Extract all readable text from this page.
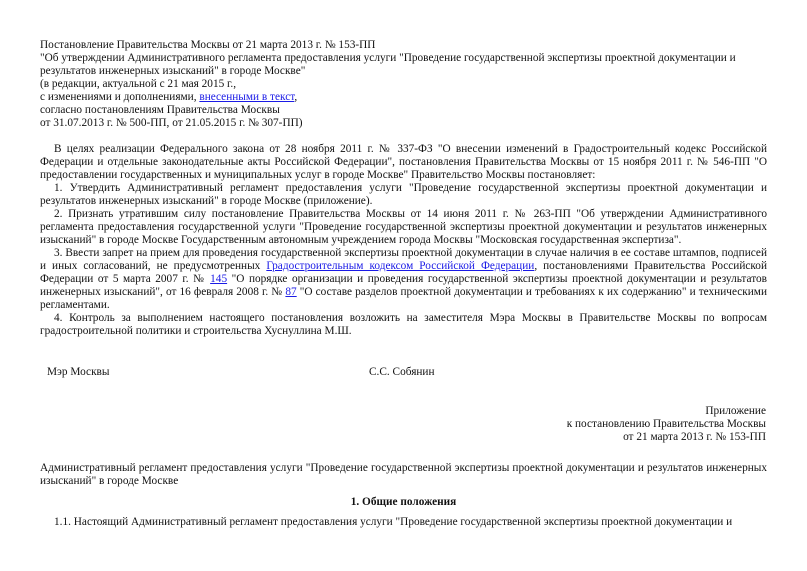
Постановление Правительства Москвы от 21 марта 2013 г. № 153-ПП
"Об утверждении Административного регламента предоставления услуги "Проведение государственной экспертизы проектной документации и
результатов инженерных изысканий" в городе Москве"
(в редакции, актуальной с 21 мая 2015 г.,
с изменениями и дополнениями, внесенными в текст,
согласно постановлениям Правительства Москвы
от 31.07.2013 г. № 500-ПП, от 21.05.2015 г. № 307-ПП)

В целях реализации Федерального закона от 28 ноября 2011 г. № 337-ФЗ "О внесении изменений в Градостроительный кодекс Российской Федерации и отдельные законодательные акты Российской Федерации", постановления Правительства Москвы от 15 ноября 2011 г. № 546-ПП "О предоставлении государственных и муниципальных услуг в городе Москве" Правительство Москвы постановляет:

1. Утвердить Административный регламент предоставления услуги "Проведение государственной экспертизы проектной документации и результатов инженерных изысканий" в городе Москве (приложение).

2. Признать утратившим силу постановление Правительства Москвы от 14 июня 2011 г. № 263-ПП "Об утверждении Административного регламента предоставления государственной услуги "Проведение государственной экспертизы проектной документации и результатов инженерных изысканий" в городе Москве Государственным автономным учреждением города Москвы "Московская государственная экспертиза".

3. Ввести запрет на прием для проведения государственной экспертизы проектной документации в случае наличия в ее составе штампов, подписей и иных согласований, не предусмотренных Градостроительным кодексом Российской Федерации, постановлениями Правительства Российской Федерации от 5 марта 2007 г. № 145 "О порядке организации и проведения государственной экспертизы проектной документации и результатов инженерных изысканий", от 16 февраля 2008 г. № 87 "О составе разделов проектной документации и требованиях к их содержанию" и техническими регламентами.

4. Контроль за выполнением настоящего постановления возложить на заместителя Мэра Москвы в Правительстве Москвы по вопросам градостроительной политики и строительства Хуснуллина М.Ш.

Мэр Москвы	С.С. Собянин
Приложение
к постановлению Правительства Москвы
от 21 марта 2013 г. № 153-ПП
Административный регламент предоставления услуги "Проведение государственной экспертизы проектной документации и результатов инженерных изысканий" в городе Москве
1. Общие положения
1.1. Настоящий Административный регламент предоставления услуги "Проведение государственной экспертизы проектной документации и
